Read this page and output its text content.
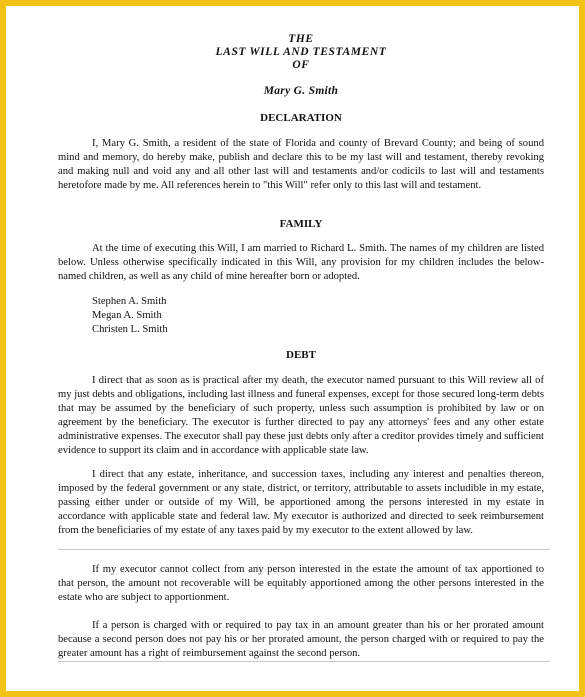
THE
LAST WILL AND TESTAMENT
OF
Mary G. Smith
DECLARATION
I, Mary G. Smith, a resident of the state of Florida and county of Brevard County; and being of sound mind and memory, do hereby make, publish and declare this to be my last will and testament, thereby revoking and making null and void any and all other last will and testaments and/or codicils to last will and testaments heretofore made by me. All references herein to "this Will" refer only to this last will and testament.
FAMILY
At the time of executing this Will, I am married to Richard L. Smith. The names of my children are listed below. Unless otherwise specifically indicated in this Will, any provision for my children includes the below-named children, as well as any child of mine hereafter born or adopted.
Stephen A. Smith
Megan A. Smith
Christen L. Smith
DEBT
I direct that as soon as is practical after my death, the executor named pursuant to this Will review all of my just debts and obligations, including last illness and funeral expenses, except for those secured long-term debts that may be assumed by the beneficiary of such property, unless such assumption is prohibited by law or on agreement by the beneficiary. The executor is further directed to pay any attorneys' fees and any other estate administrative expenses. The executor shall pay these just debts only after a creditor provides timely and sufficient evidence to support its claim and in accordance with applicable state law.
I direct that any estate, inheritance, and succession taxes, including any interest and penalties thereon, imposed by the federal government or any state, district, or territory, attributable to assets includible in my estate, passing either under or outside of my Will, be apportioned among the persons interested in my estate in accordance with applicable state and federal law. My executor is authorized and directed to seek reimbursement from the beneficiaries of my estate of any taxes paid by my executor to the extent allowed by law.
If my executor cannot collect from any person interested in the estate the amount of tax apportioned to that person, the amount not recoverable will be equitably apportioned among the other persons interested in the estate who are subject to apportionment.
If a person is charged with or required to pay tax in an amount greater than his or her prorated amount because a second person does not pay his or her prorated amount, the person charged with or required to pay the greater amount has a right of reimbursement against the second person.
